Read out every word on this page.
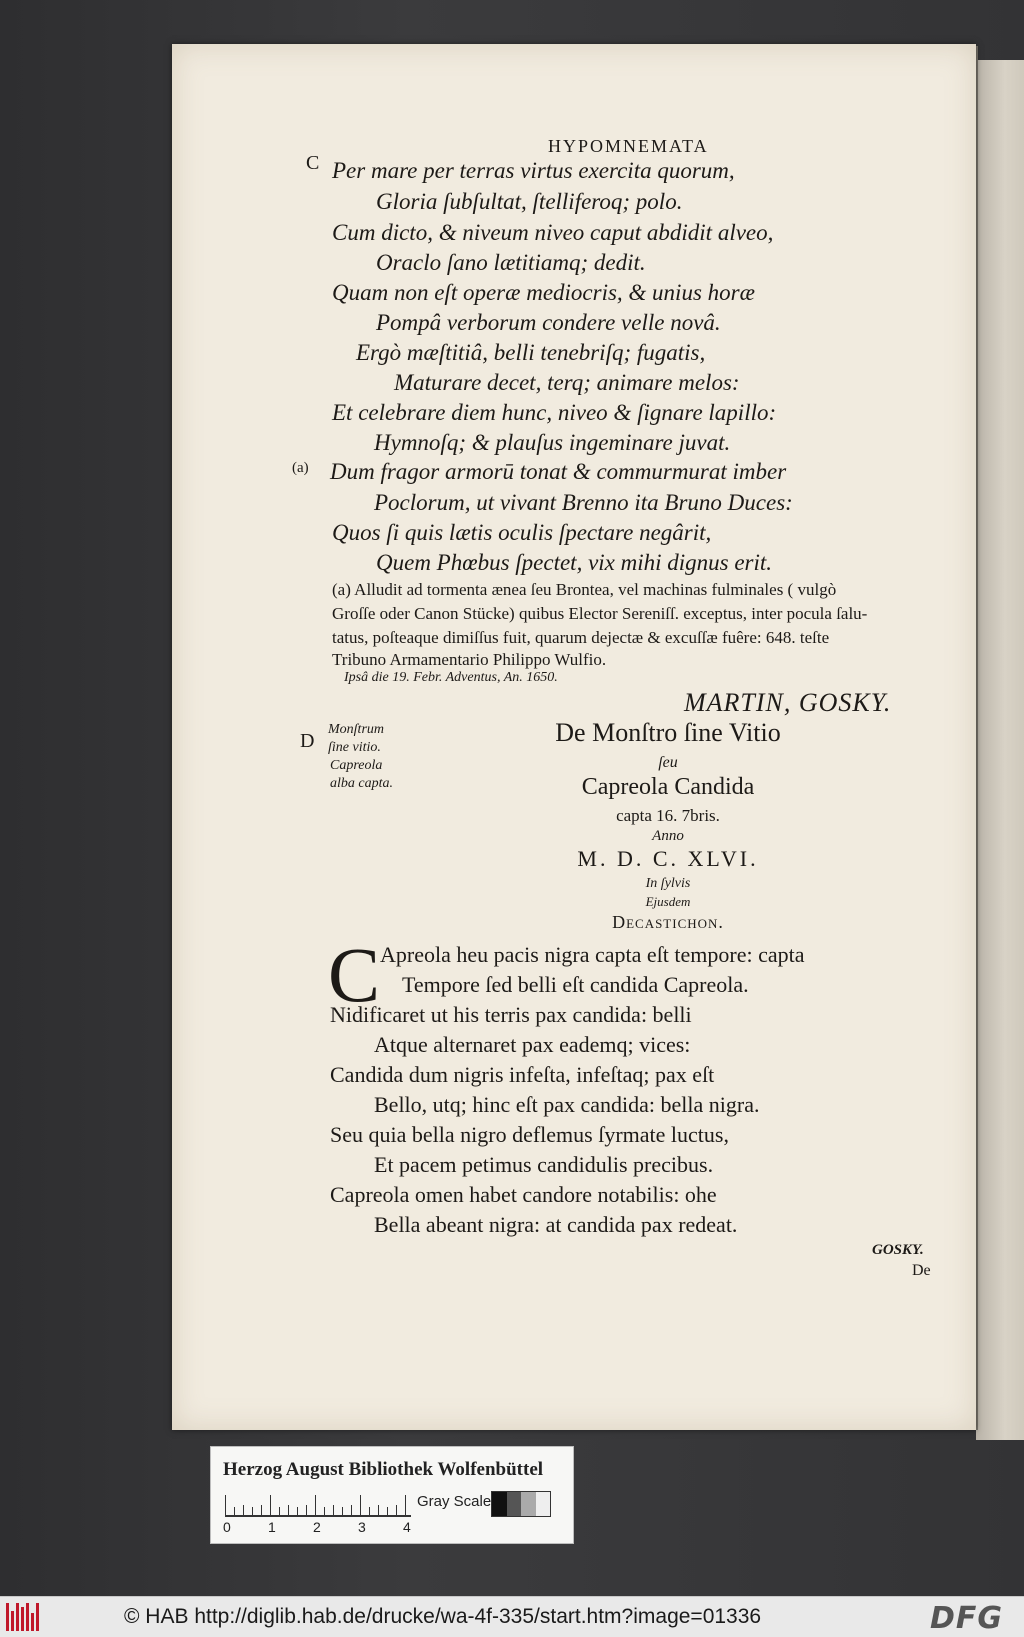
HYPOMNEMATA
C Per mare per terras virtus exercita quorum,
Gloria ſubſultat, ſtelliferoq; polo.
Cum dicto, & niveum niveo caput abdidit alveo,
Oraclo ſano lætitiamq; dedit.
Quam non eſt operæ mediocris, & unius horæ
Pompâ verborum condere velle novâ.
Ergò mæſtitiâ, belli tenebriſq; fugatis,
Maturare decet, terq; animare melos:
Et celebrare diem hunc, niveo & ſignare lapillo:
Hymnoſq; & plauſus ingeminare juvat.
(a) Dum fragor armorū tonat & commurmurat imber
Poclorum, ut vivant Brenno ita Bruno Duces:
Quos ſi quis lætis oculis ſpectare negârit,
Quem Phœbus ſpectet, vix mihi dignus erit.
(a) Alludit ad tormenta ænea ſeu Brontea, vel machinas fulminales ( vulgò
Groſſe oder Canon Stücke) quibus Elector Sereniſſ. exceptus, inter pocula ſalu-
tatus, poſteaque dimiſſus fuit, quarum dejectæ & excuſſæ fuêre: 648. teſte
Tribuno Armamentario Philippo Wulfio.
Ipsâ die 19. Febr. Adventus, An. 1650.
MARTIN, GOSKY.
D
Monſtrum
ſine vitio.
Capreola
alba capta.
De Monſtro ſine Vitio
ſeu
Capreola Candida
capta 16. 7bris.
Anno
M. D. C. XLVI.
In ſylvis
Ejusdem
Decastichon.
C Apreola heu pacis nigra capta eſt tempore: capta
Tempore ſed belli eſt candida Capreola.
Nidificaret ut his terris pax candida: belli
Atque alternaret pax eademq; vices:
Candida dum nigris infeſta, infeſtaq; pax eſt
Bello, utq; hinc eſt pax candida: bella nigra.
Seu quia bella nigro deflemus ſyrmate luctus,
Et pacem petimus candidulis precibus.
Capreola omen habet candore notabilis: ohe
Bella abeant nigra: at candida pax redeat.
GOSKY.
De
Herzog August Bibliothek Wolfenbüttel
0	1	2	3	4
Gray Scale
© HAB http://diglib.hab.de/drucke/wa-4f-335/start.htm?image=01336	DFG
